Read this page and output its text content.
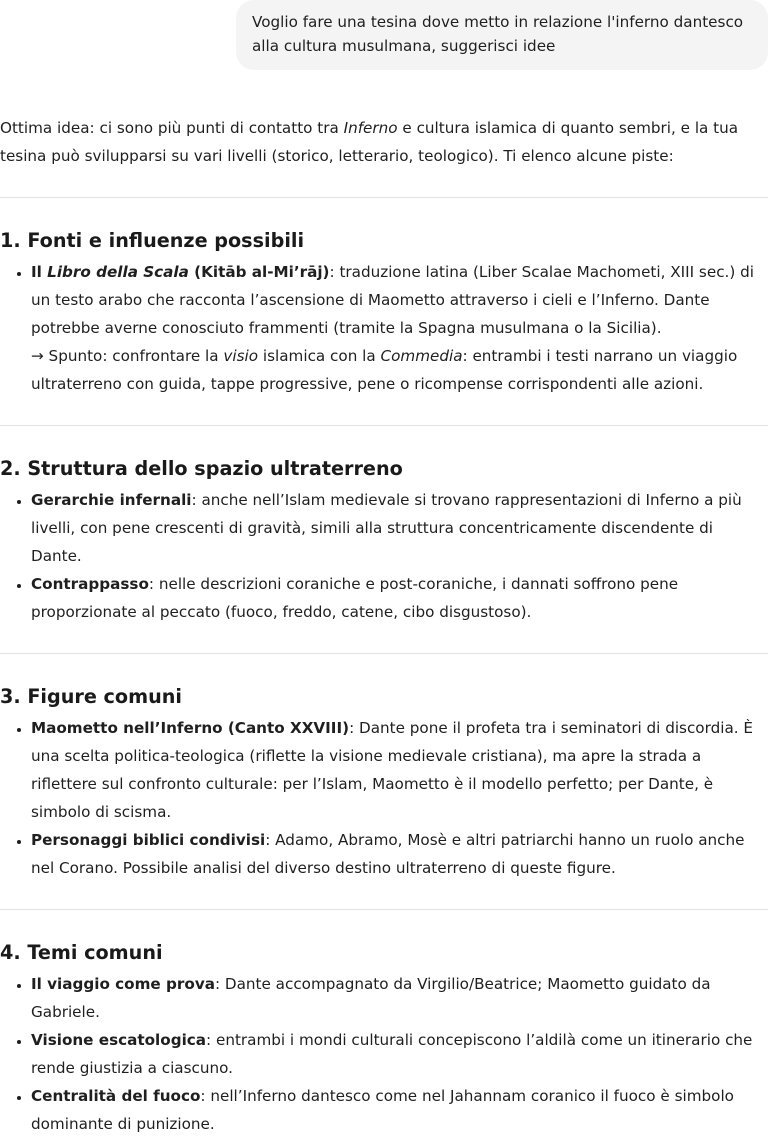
Voglio fare una tesina dove metto in relazione l'inferno dantesco alla cultura musulmana, suggerisci idee

Ottima idea: ci sono più punti di contatto tra Inferno e cultura islamica di quanto sembri, e la tua tesina può svilupparsi su vari livelli (storico, letterario, teologico). Ti elenco alcune piste:

1. Fonti e influenze possibili
• Il Libro della Scala (Kitāb al-Mi’rāj): traduzione latina (Liber Scalae Machometi, XIII sec.) di un testo arabo che racconta l’ascensione di Maometto attraverso i cieli e l’Inferno. Dante potrebbe averne conosciuto frammenti (tramite la Spagna musulmana o la Sicilia).
→ Spunto: confrontare la visio islamica con la Commedia: entrambi i testi narrano un viaggio ultraterreno con guida, tappe progressive, pene o ricompense corrispondenti alle azioni.
2. Struttura dello spazio ultraterreno
• Gerarchie infernali: anche nell’Islam medievale si trovano rappresentazioni di Inferno a più livelli, con pene crescenti di gravità, simili alla struttura concentricamente discendente di Dante.
• Contrappasso: nelle descrizioni coraniche e post-coraniche, i dannati soffrono pene proporzionate al peccato (fuoco, freddo, catene, cibo disgustoso).
3. Figure comuni
• Maometto nell’Inferno (Canto XXVIII): Dante pone il profeta tra i seminatori di discordia. È una scelta politica-teologica (riflette la visione medievale cristiana), ma apre la strada a riflettere sul confronto culturale: per l’Islam, Maometto è il modello perfetto; per Dante, è simbolo di scisma.
• Personaggi biblici condivisi: Adamo, Abramo, Mosè e altri patriarchi hanno un ruolo anche nel Corano. Possibile analisi del diverso destino ultraterreno di queste figure.
4. Temi comuni
• Il viaggio come prova: Dante accompagnato da Virgilio/Beatrice; Maometto guidato da Gabriele.
• Visione escatologica: entrambi i mondi culturali concepiscono l’aldilà come un itinerario che rende giustizia a ciascuno.
• Centralità del fuoco: nell’Inferno dantesco come nel Jahannam coranico il fuoco è simbolo dominante di punizione.
